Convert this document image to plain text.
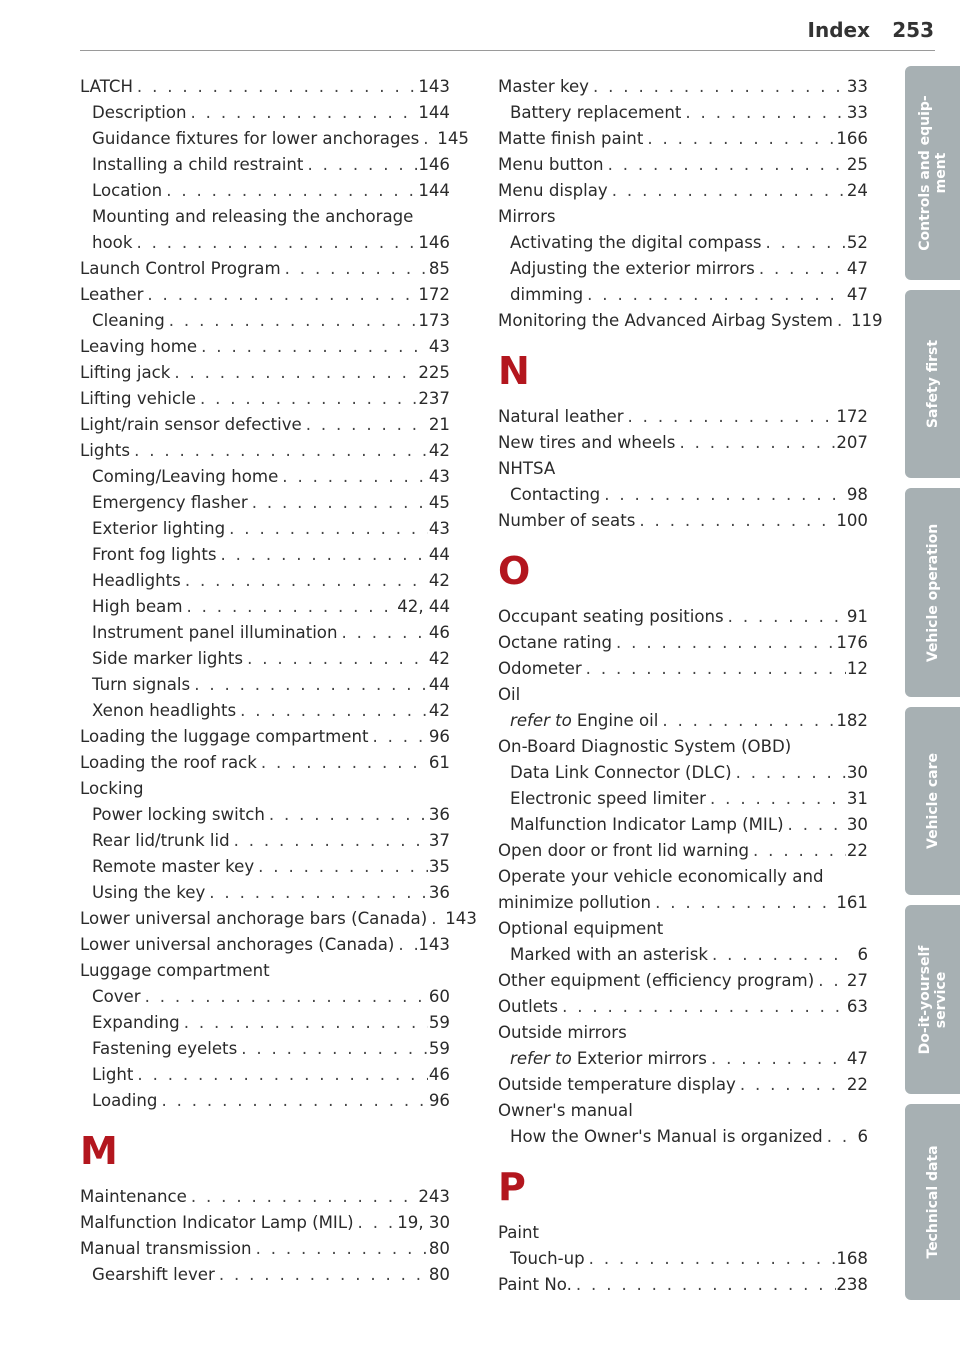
Index	253
LATCH . . .	143
Description . . .	144
Guidance fixtures for lower anchorages . . . 145
Installing a child restraint . . .	146
Location . . .	144
Mounting and releasing the anchorage
hook . . .	146
Launch Control Program . . .	85
Leather . . .	172
Cleaning . . .	173
Leaving home . . .	43
Lifting jack . . .	225
Lifting vehicle . . .	237
Light/rain sensor defective . . .	21
Lights . . .	42
Coming/Leaving home . . .	43
Emergency flasher . . .	45
Exterior lighting . . .	43
Front fog lights . . .	44
Headlights . . .	42
High beam . . .	42, 44
Instrument panel illumination . . .	46
Side marker lights . . .	42
Turn signals . . .	44
Xenon headlights . . .	42
Loading the luggage compartment . . .	96
Loading the roof rack . . .	61
Locking
Power locking switch . . .	36
Rear lid/trunk lid . . .	37
Remote master key . . .	35
Using the key . . .	36
Lower universal anchorage bars (Canada) . . . 143
Lower universal anchorages (Canada) . . . 143
Luggage compartment
Cover . . .	60
Expanding . . .	59
Fastening eyelets . . .	59
Light . . .	46
Loading . . .	96
M
Maintenance . . .	243
Malfunction Indicator Lamp (MIL) . . .	19, 30
Manual transmission . . .	80
Gearshift lever . . .	80
Master key . . .	33
Battery replacement . . .	33
Matte finish paint . . .	166
Menu button . . .	25
Menu display . . .	24
Mirrors
Activating the digital compass . . .	52
Adjusting the exterior mirrors . . .	47
dimming . . .	47
Monitoring the Advanced Airbag System . . . 119
N
Natural leather . . .	172
New tires and wheels . . .	207
NHTSA
Contacting . . .	98
Number of seats . . .	100
O
Occupant seating positions . . .	91
Octane rating . . .	176
Odometer . . .	12
Oil
refer to Engine oil . . .	182
On-Board Diagnostic System (OBD)
Data Link Connector (DLC) . . .	30
Electronic speed limiter . . .	31
Malfunction Indicator Lamp (MIL) . . .	30
Open door or front lid warning . . .	22
Operate your vehicle economically and
minimize pollution . . .	161
Optional equipment
Marked with an asterisk . . .	6
Other equipment (efficiency program) . . . 27
Outlets . . .	63
Outside mirrors
refer to Exterior mirrors . . .	47
Outside temperature display . . .	22
Owner's manual
How the Owner's Manual is organized . . .	6
P
Paint
Touch-up . . .	168
Paint No. . . .	238
Controls and equip- ment
Safety first
Vehicle operation
Vehicle care
Do-it-yourself service
Technical data
